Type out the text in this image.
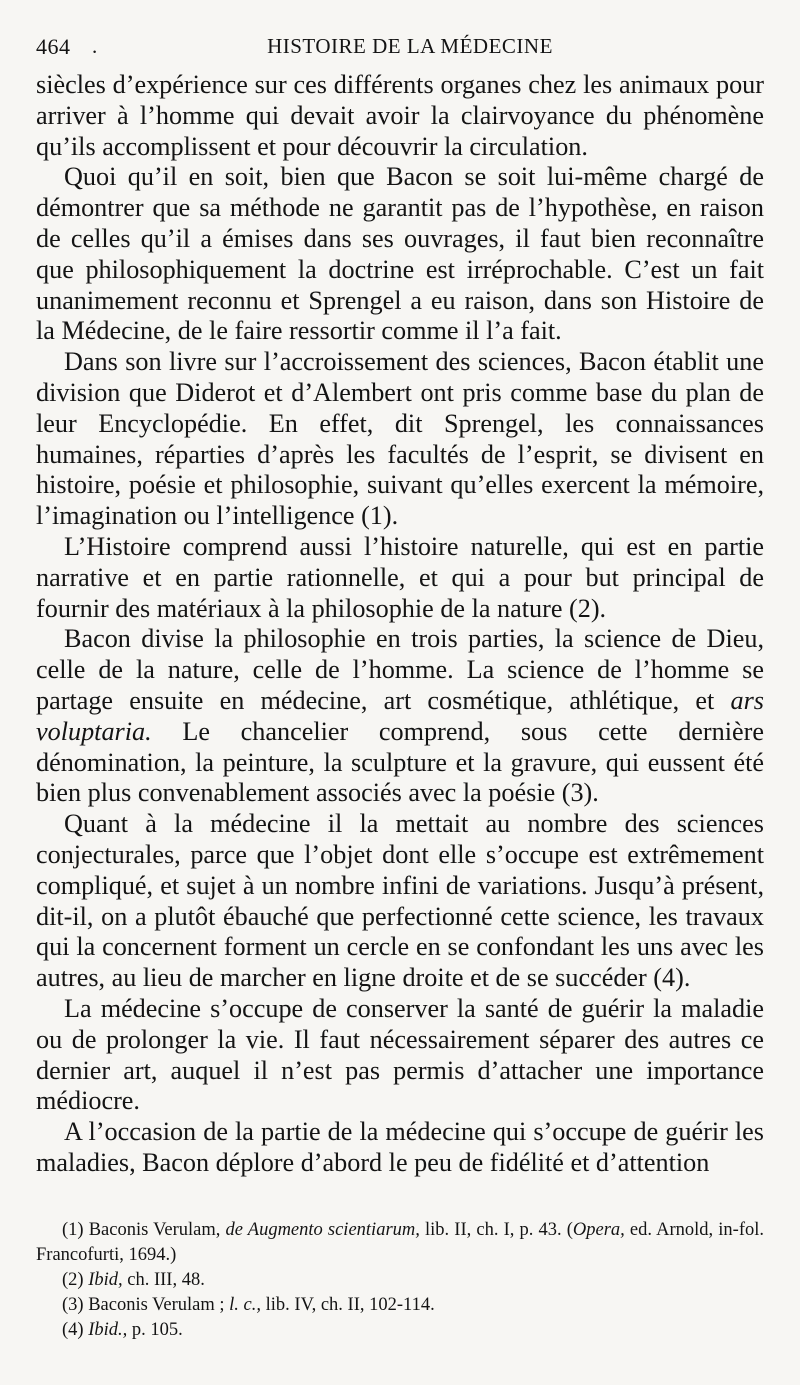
464 .	HISTOIRE DE LA MÉDECINE

siècles d’expérience sur ces différents organes chez les animaux pour arriver à l’homme qui devait avoir la clairvoyance du phénomène qu’ils accomplissent et pour découvrir la circulation.

Quoi qu’il en soit, bien que Bacon se soit lui-même chargé de démontrer que sa méthode ne garantit pas de l’hypothèse, en raison de celles qu’il a émises dans ses ouvrages, il faut bien reconnaître que philosophiquement la doctrine est irréprochable. C’est un fait unanimement reconnu et Sprengel a eu raison, dans son Histoire de la Médecine, de le faire ressortir comme il l’a fait.

Dans son livre sur l’accroissement des sciences, Bacon établit une division que Diderot et d’Alembert ont pris comme base du plan de leur Encyclopédie. En effet, dit Sprengel, les connaissances humaines, réparties d’après les facultés de l’esprit, se divisent en histoire, poésie et philosophie, suivant qu’elles exercent la mémoire, l’imagination ou l’intelligence (1).

L’Histoire comprend aussi l’histoire naturelle, qui est en partie narrative et en partie rationnelle, et qui a pour but principal de fournir des matériaux à la philosophie de la nature (2).

Bacon divise la philosophie en trois parties, la science de Dieu, celle de la nature, celle de l’homme. La science de l’homme se partage ensuite en médecine, art cosmétique, athlétique, et ars voluptaria. Le chancelier comprend, sous cette dernière dénomination, la peinture, la sculpture et la gravure, qui eussent été bien plus convenablement associés avec la poésie (3).

Quant à la médecine il la mettait au nombre des sciences conjecturales, parce que l’objet dont elle s’occupe est extrêmement compliqué, et sujet à un nombre infini de variations. Jusqu’à présent, dit-il, on a plutôt ébauché que perfectionné cette science, les travaux qui la concernent forment un cercle en se confondant les uns avec les autres, au lieu de marcher en ligne droite et de se succéder (4).

La médecine s’occupe de conserver la santé de guérir la maladie ou de prolonger la vie. Il faut nécessairement séparer des autres ce dernier art, auquel il n’est pas permis d’attacher une importance médiocre.

A l’occasion de la partie de la médecine qui s’occupe de guérir les maladies, Bacon déplore d’abord le peu de fidélité et d’attention

(1) Baconis Verulam, de Augmento scientiarum, lib. II, ch. I, p. 43. (Opera, ed. Arnold, in-fol. Francofurti, 1694.)

(2) Ibid, ch. III, 48.

(3) Baconis Verulam ; l. c., lib. IV, ch. II, 102-114.

(4) Ibid., p. 105.
